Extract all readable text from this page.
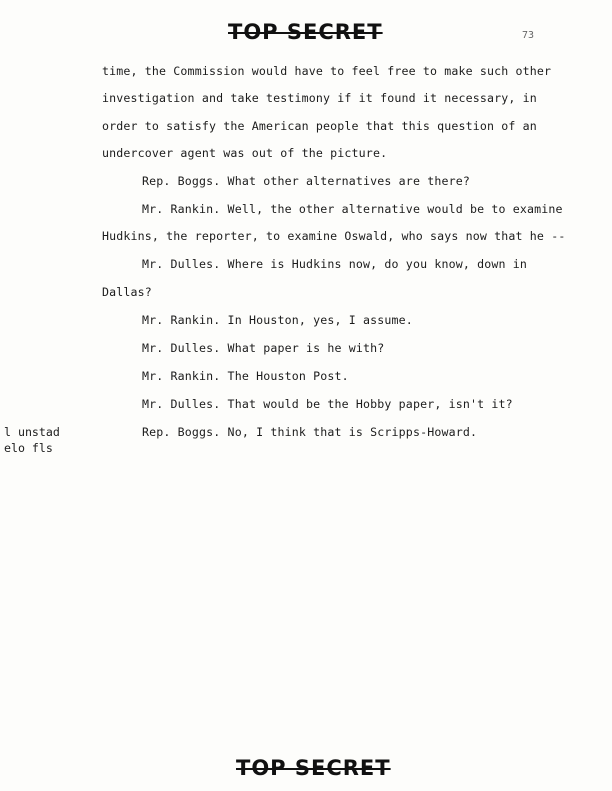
TOP SECRET	73
time, the Commission would have to feel free to make such other
investigation and take testimony if it found it necessary, in
order to satisfy the American people that this question of an
undercover agent was out of the picture.
Rep. Boggs. What other alternatives are there?
Mr. Rankin. Well, the other alternative would be to examine
Hudkins, the reporter, to examine Oswald, who says now that he --
Mr. Dulles. Where is Hudkins now, do you know, down in
Dallas?
Mr. Rankin. In Houston, yes, I assume.
Mr. Dulles. What paper is he with?
Mr. Rankin. The Houston Post.
Mr. Dulles. That would be the Hobby paper, isn't it?
Rep. Boggs. No, I think that is Scripps-Howard.
l unstad
elo fls
TOP SECRET
